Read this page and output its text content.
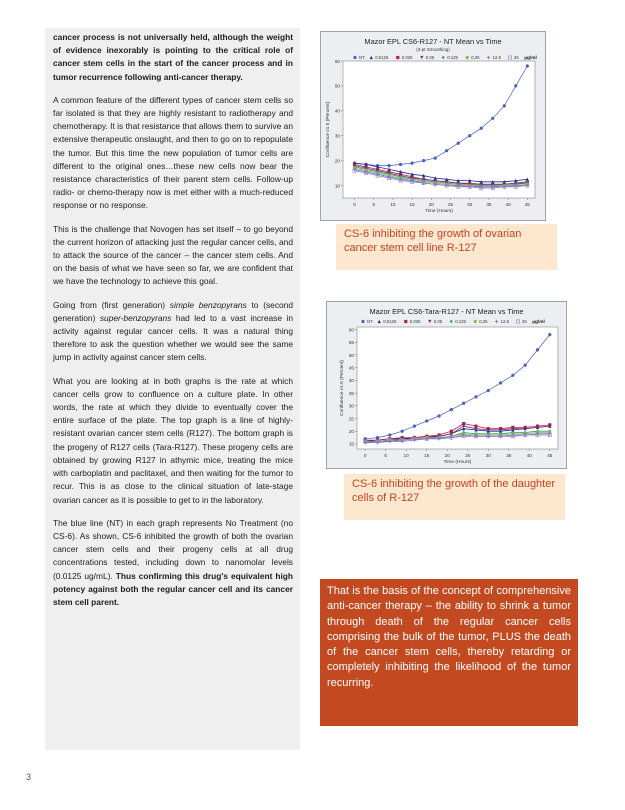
cancer process is not universally held, although the weight of evidence inexorably is pointing to the critical role of cancer stem cells in the start of the cancer process and in tumor recurrence following anti-cancer therapy.

A common feature of the different types of cancer stem cells so far isolated is that they are highly resistant to radiotherapy and chemotherapy. It is that resistance that allows them to survive an extensive therapeutic onslaught, and then to go on to repopulate the tumor. But this time the new population of tumor cells are different to the original ones…these new cells now bear the resistance characteristics of their parent stem cells. Follow-up radio- or chemo-therapy now is met either with a much-reduced response or no response.

This is the challenge that Novogen has set itself – to go beyond the current horizon of attacking just the regular cancer cells, and to attack the source of the cancer – the cancer stem cells. And on the basis of what we have seen so far, we are confident that we have the technology to achieve this goal.

Going from (first generation) simple benzopyrans to (second generation) super-benzopyrans had led to a vast increase in activity against regular cancer cells. It was a natural thing therefore to ask the question whether we would see the same jump in activity against cancer stem cells.

What you are looking at in both graphs is the rate at which cancer cells grow to confluence on a culture plate. In other words, the rate at which they divide to eventually cover the entire surface of the plate. The top graph is a line of highly-resistant ovarian cancer stem cells (R127). The bottom graph is the progeny of R127 cells (Tara-R127). These progeny cells are obtained by growing R127 in athymic mice, treating the mice with carboplatin and paclitaxel, and then waiting for the tumor to recur. This is as close to the clinical situation of late-stage ovarian cancer as it is possible to get to in the laboratory.

The blue line (NT) in each graph represents No Treatment (no CS-6). As shown, CS-6 inhibited the growth of both the ovarian cancer stem cells and their progeny cells at all drug concentrations tested, including down to nanomolar levels (0.0125 ug/mL). Thus confirming this drug's equivalent high potency against both the regular cancer cell and its cancer stem cell parent.

3
Mazor EPL CS6-R127 - NT Mean vs Time
(3-pt Smoothing)
NT 0.0125	0.025	0.05	0.125	0.25	12.5	25 µg/ml
10
20
30
40
50
60
0	5	10	15	20	25	30	35	40	45
Time (Hours)
Confluence v1.5 (Percent)
CS-6 inhibiting the growth of ovarian cancer stem cell line R-127
Mazor EPL CS6-Tara-R127 - NT Mean vs Time
NT 0.0125	0.025	0.05	0.125	0.25	12.5	25 µg/ml
15
20
25
30
35
40
45
50
55
60
0	5	10	15	20	25	30	35	40	45
Time (Hours)
Confluence v1.5 (Percent)
CS-6 inhibiting the growth of the daughter cells of R-127
That is the basis of the concept of comprehensive anti-cancer therapy – the ability to shrink a tumor through death of the regular cancer cells comprising the bulk of the tumor, PLUS the death of the cancer stem cells, thereby retarding or completely inhibiting the likelihood of the tumor recurring.
